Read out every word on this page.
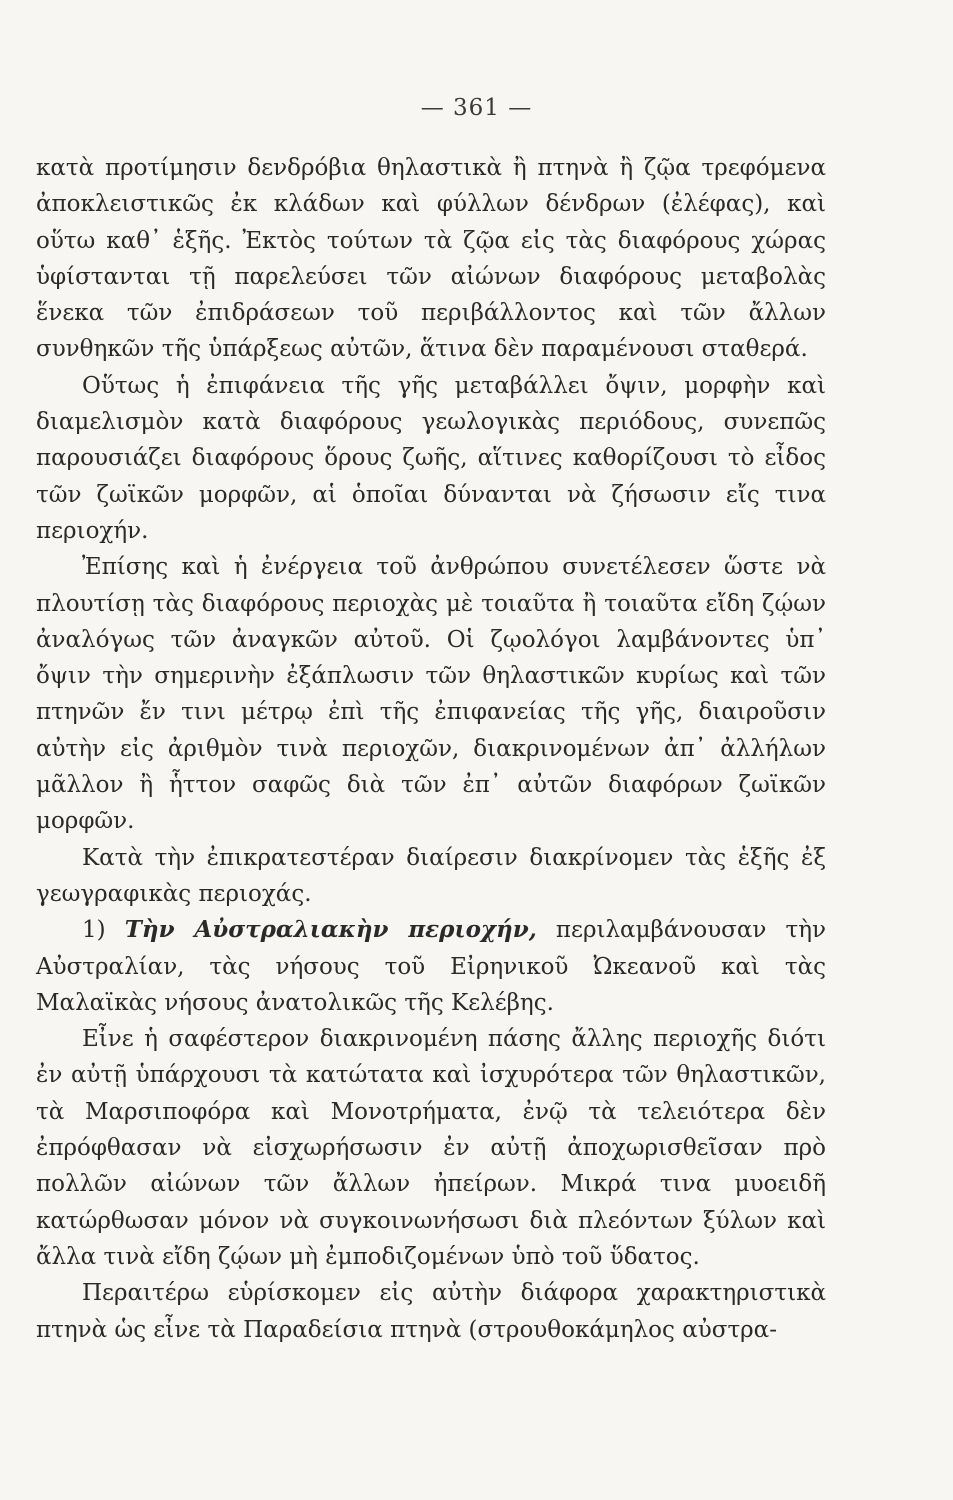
— 361 —

κατὰ προτίμησιν δενδρόβια θηλαστικὰ ἢ πτηνὰ ἢ ζῷα τρεφόμενα ἀποκλειστικῶς ἐκ κλάδων καὶ φύλλων δένδρων (ἐλέφας), καὶ οὕτω καθ᾽ ἑξῆς. Ἐκτὸς τούτων τὰ ζῷα εἰς τὰς διαφόρους χώρας ὑφίστανται τῇ παρελεύσει τῶν αἰώνων διαφόρους μεταβολὰς ἕνεκα τῶν ἐπιδράσεων τοῦ περιβάλλοντος καὶ τῶν ἄλλων συνθηκῶν τῆς ὑπάρξεως αὐτῶν, ἅτινα δὲν παραμένουσι σταθερά.

Οὕτως ἡ ἐπιφάνεια τῆς γῆς μεταβάλλει ὄψιν, μορφὴν καὶ διαμελισμὸν κατὰ διαφόρους γεωλογικὰς περιόδους, συνεπῶς παρουσιάζει διαφόρους ὅρους ζωῆς, αἵτινες καθορίζουσι τὸ εἶδος τῶν ζωϊκῶν μορφῶν, αἱ ὁποῖαι δύνανται νὰ ζήσωσιν εἴς τινα περιοχήν.

Ἐπίσης καὶ ἡ ἐνέργεια τοῦ ἀνθρώπου συνετέλεσεν ὥστε νὰ πλουτίσῃ τὰς διαφόρους περιοχὰς μὲ τοιαῦτα ἢ τοιαῦτα εἴδη ζῴων ἀναλόγως τῶν ἀναγκῶν αὐτοῦ. Οἱ ζῳολόγοι λαμβάνοντες ὑπ᾽ ὄψιν τὴν σημερινὴν ἐξάπλωσιν τῶν θηλαστικῶν κυρίως καὶ τῶν πτηνῶν ἔν τινι μέτρῳ ἐπὶ τῆς ἐπιφανείας τῆς γῆς, διαιροῦσιν αὐτὴν εἰς ἀριθμὸν τινὰ περιοχῶν, διακρινομένων ἀπ᾽ ἀλλήλων μᾶλλον ἢ ἧττον σαφῶς διὰ τῶν ἐπ᾽ αὐτῶν διαφόρων ζωϊκῶν μορφῶν.

Κατὰ τὴν ἐπικρατεστέραν διαίρεσιν διακρίνομεν τὰς ἑξῆς ἐξ γεωγραφικὰς περιοχάς.

1) Τὴν Αὐστραλιακὴν περιοχήν, περιλαμβάνουσαν τὴν Αὐστραλίαν, τὰς νήσους τοῦ Εἰρηνικοῦ Ὠκεανοῦ καὶ τὰς Μαλαϊκὰς νήσους ἀνατολικῶς τῆς Κελέβης.

Εἶνε ἡ σαφέστερον διακρινομένη πάσης ἄλλης περιοχῆς διότι ἐν αὐτῇ ὑπάρχουσι τὰ κατώτατα καὶ ἰσχυρότερα τῶν θηλαστικῶν, τὰ Μαρσιποφόρα καὶ Μονοτρήματα, ἐνῷ τὰ τελειότερα δὲν ἐπρόφθασαν νὰ εἰσχωρήσωσιν ἐν αὐτῇ ἀποχωρισθεῖσαν πρὸ πολλῶν αἰώνων τῶν ἄλλων ἠπείρων. Μικρά τινα μυοειδῆ κατώρθωσαν μόνον νὰ συγκοινωνήσωσι διὰ πλεόντων ξύλων καὶ ἄλλα τινὰ εἴδη ζῴων μὴ ἐμποδιζομένων ὑπὸ τοῦ ὕδατος.

Περαιτέρω εὑρίσκομεν εἰς αὐτὴν διάφορα χαρακτηριστικὰ πτηνὰ ὡς εἶνε τὰ Παραδείσια πτηνὰ (στρουθοκάμηλος αὐστρα-
